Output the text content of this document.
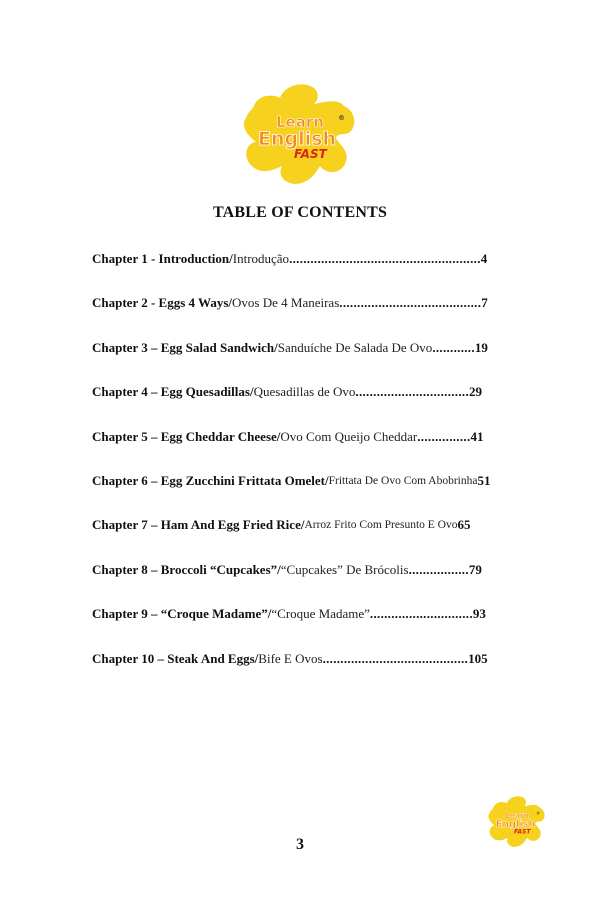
Learn
English
FAST
®
TABLE OF CONTENTS
Chapter 1 - Introduction / Introdução ...................................................... 4
Chapter 2 - Eggs 4 Ways / Ovos De 4 Maneiras ........................................ 7
Chapter 3 – Egg Salad Sandwich / Sanduíche De Salada De Ovo ............ 19
Chapter 4 – Egg Quesadillas / Quesadillas de Ovo ................................ 29
Chapter 5 – Egg Cheddar Cheese / Ovo Com Queijo Cheddar ............... 41
Chapter 6 – Egg Zucchini Frittata Omelet / Frittata De Ovo Com Abobrinha 51
Chapter 7 – Ham And Egg Fried Rice / Arroz Frito Com Presunto E Ovo 65
Chapter 8 – Broccoli “Cupcakes” / “Cupcakes” De Brócolis ................. 79
Chapter 9 – “Croque Madame” / “Croque Madame” ............................. 93
Chapter 10 – Steak And Eggs / Bife E Ovos ......................................... 105
3
Learn
English
FAST
®
